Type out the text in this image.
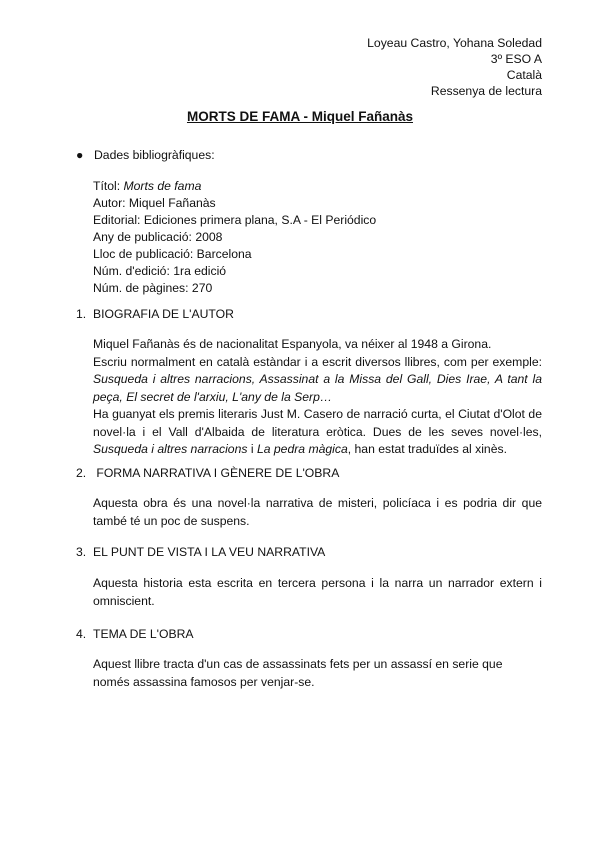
Loyeau Castro, Yohana Soledad
3º ESO A
Català
Ressenya de lectura
MORTS DE FAMA - Miquel Fañanàs
● Dades bibliogràfiques:
Títol: Morts de fama
Autor: Miquel Fañanàs
Editorial: Ediciones primera plana, S.A - El Periódico
Any de publicació: 2008
Lloc de publicació: Barcelona
Núm. d'edició: 1ra edició
Núm. de pàgines: 270
1. BIOGRAFIA DE L'AUTOR

Miquel Fañanàs és de nacionalitat Espanyola, va néixer al 1948 a Girona.

Escriu normalment en català estàndar i a escrit diversos llibres, com per exemple: Susqueda i altres narracions, Assassinat a la Missa del Gall, Dies Irae, A tant la peça, El secret de l'arxiu, L'any de la Serp…

Ha guanyat els premis literaris Just M. Casero de narració curta, el Ciutat d'Olot de novel·la i el Vall d'Albaida de literatura eròtica. Dues de les seves novel·les, Susqueda i altres narracions i La pedra màgica, han estat traduïdes al xinès.

2. FORMA NARRATIVA I GÈNERE DE L'OBRA

Aquesta obra és una novel·la narrativa de misteri, policíaca i es podria dir que també té un poc de suspens.

3. EL PUNT DE VISTA I LA VEU NARRATIVA

Aquesta historia esta escrita en tercera persona i la narra un narrador extern i omniscient.

4. TEMA DE L'OBRA

Aquest llibre tracta d'un cas de assassinats fets per un assassí en serie que només assassina famosos per venjar-se.
